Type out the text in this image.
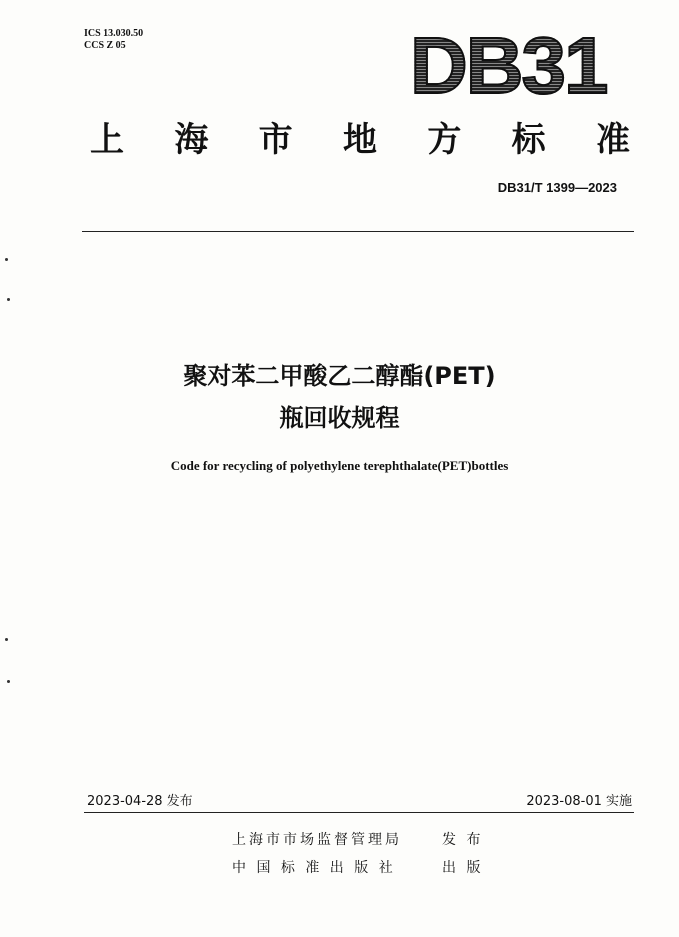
ICS 13.030.50
CCS Z 05	DB31
上 海 市 地 方 标 准
DB31/T 1399—2023
聚对苯二甲酸乙二醇酯(PET)
瓶回收规程
Code for recycling of polyethylene terephthalate(PET)bottles
2023-04-28 发布	2023-08-01 实施
上海市市场监督管理局	发 布
中 国 标 准 出 版 社	出 版
